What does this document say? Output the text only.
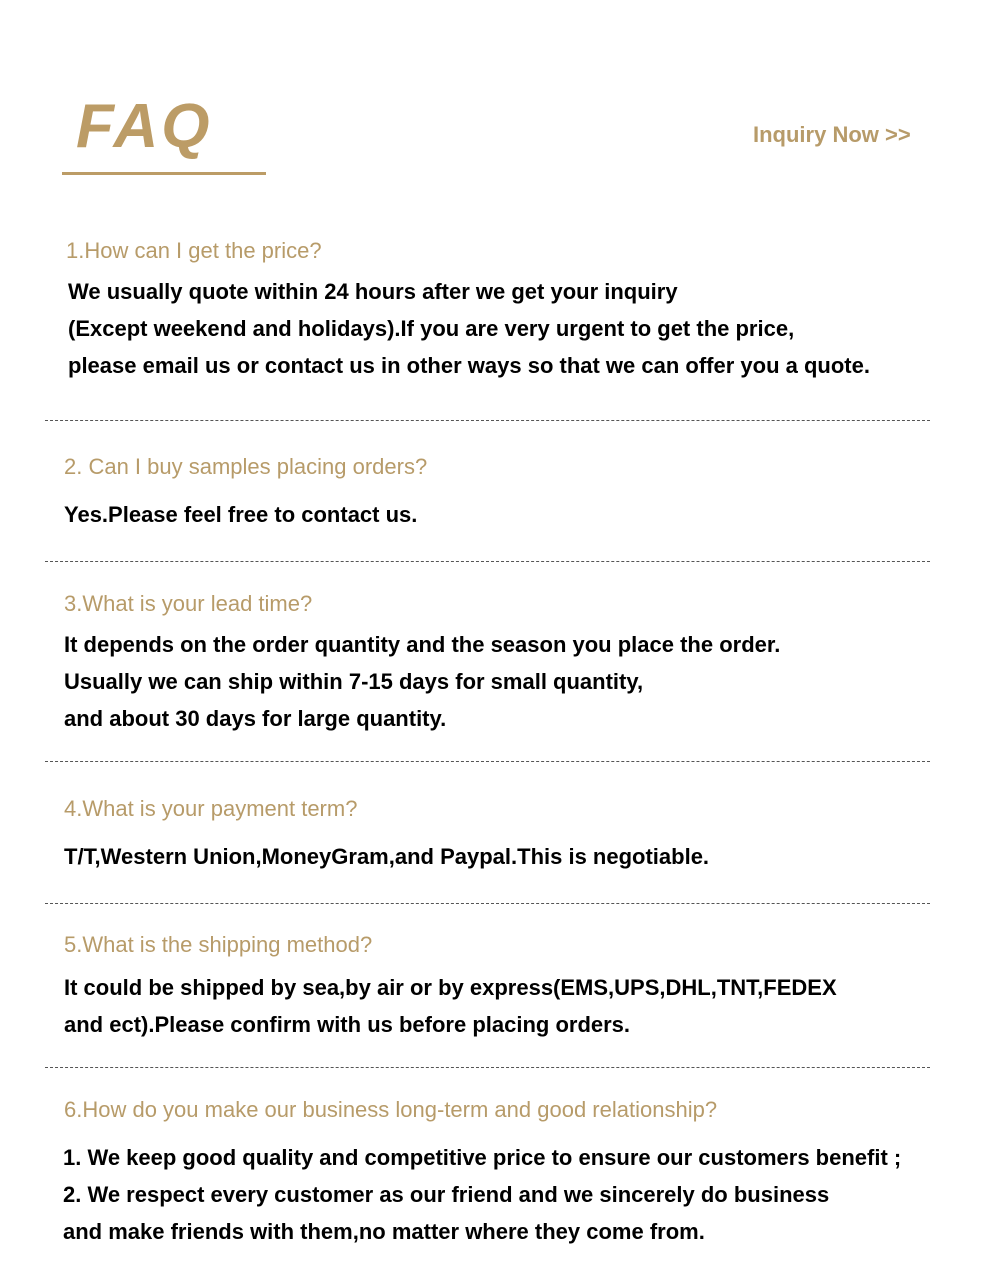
FAQ	Inquiry Now >>
1.How can I get the price?
We usually quote within 24 hours after we get your inquiry
(Except weekend and holidays).If you are very urgent to get the price,
please email us or contact us in other ways so that we can offer you a quote.
2. Can I buy samples placing orders?
Yes.Please feel free to contact us.
3.What is your lead time?
It depends on the order quantity and the season you place the order.
Usually we can ship within 7-15 days for small quantity,
and about 30 days for large quantity.
4.What is your payment term?
T/T,Western Union,MoneyGram,and Paypal.This is negotiable.
5.What is the shipping method?
It could be shipped by sea,by air or by express(EMS,UPS,DHL,TNT,FEDEX
and ect).Please confirm with us before placing orders.
6.How do you make our business long-term and good relationship?
1. We keep good quality and competitive price to ensure our customers benefit ;
2. We respect every customer as our friend and we sincerely do business
and make friends with them,no matter where they come from.
